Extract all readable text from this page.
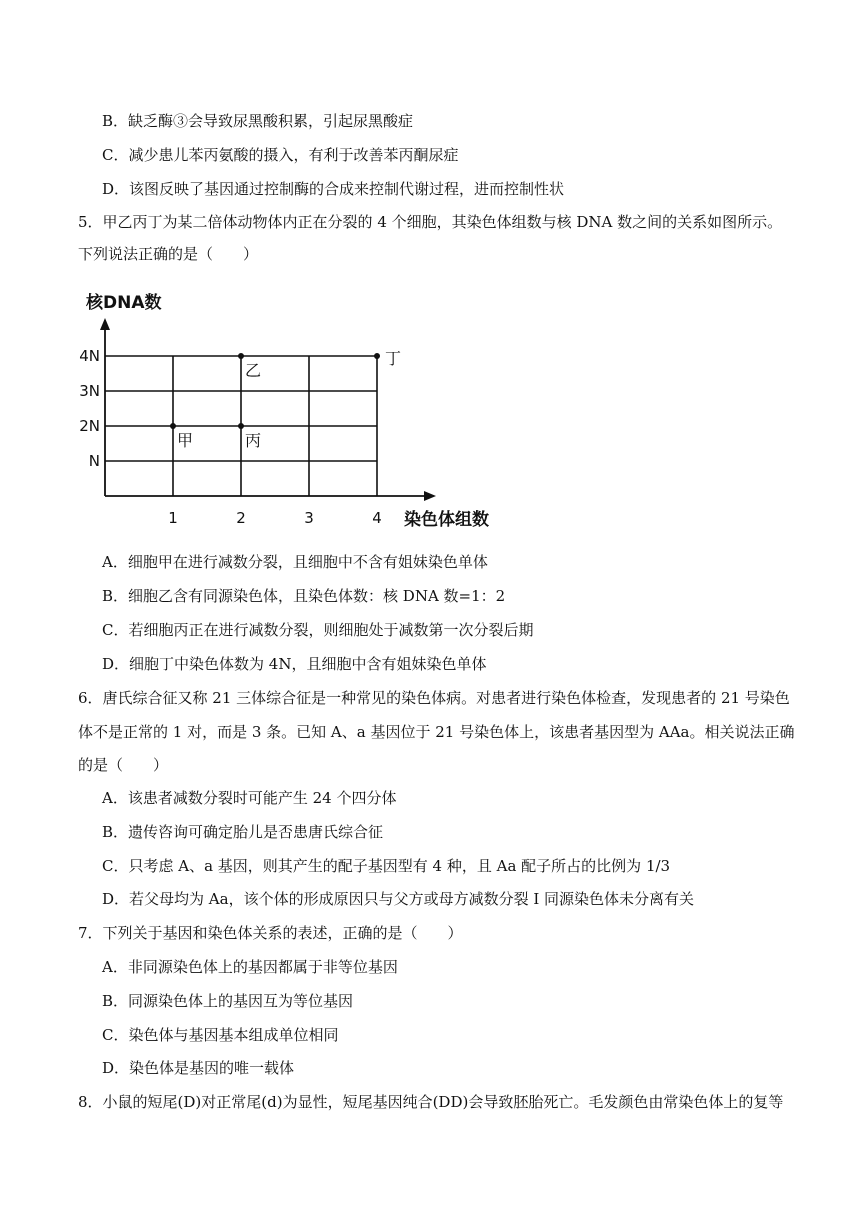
B．缺乏酶③会导致尿黑酸积累，引起尿黑酸症
C．减少患儿苯丙氨酸的摄入，有利于改善苯丙酮尿症
D．该图反映了基因通过控制酶的合成来控制代谢过程，进而控制性状
5．甲乙丙丁为某二倍体动物体内正在分裂的 4 个细胞，其染色体组数与核 DNA 数之间的关系如图所示。
下列说法正确的是（　　）
核DNA数
染色体组数
1	2	3	4
N
2N
3N
4N
甲
乙
丙
丁
A．细胞甲在进行减数分裂，且细胞中不含有姐妹染色单体
B．细胞乙含有同源染色体，且染色体数：核 DNA 数=1：2
C．若细胞丙正在进行减数分裂，则细胞处于减数第一次分裂后期
D．细胞丁中染色体数为 4N，且细胞中含有姐妹染色单体
6．唐氏综合征又称 21 三体综合征是一种常见的染色体病。对患者进行染色体检查，发现患者的 21 号染色
体不是正常的 1 对，而是 3 条。已知 A、a 基因位于 21 号染色体上，该患者基因型为 AAa。相关说法正确
的是（　　）
A．该患者减数分裂时可能产生 24 个四分体
B．遗传咨询可确定胎儿是否患唐氏综合征
C．只考虑 A、a 基因，则其产生的配子基因型有 4 种，且 Aa 配子所占的比例为 1/3
D．若父母均为 Aa，该个体的形成原因只与父方或母方减数分裂 I 同源染色体未分离有关
7．下列关于基因和染色体关系的表述，正确的是（　　）
A．非同源染色体上的基因都属于非等位基因
B．同源染色体上的基因互为等位基因
C．染色体与基因基本组成单位相同
D．染色体是基因的唯一载体
8．小鼠的短尾(D)对正常尾(d)为显性，短尾基因纯合(DD)会导致胚胎死亡。毛发颜色由常染色体上的复等
